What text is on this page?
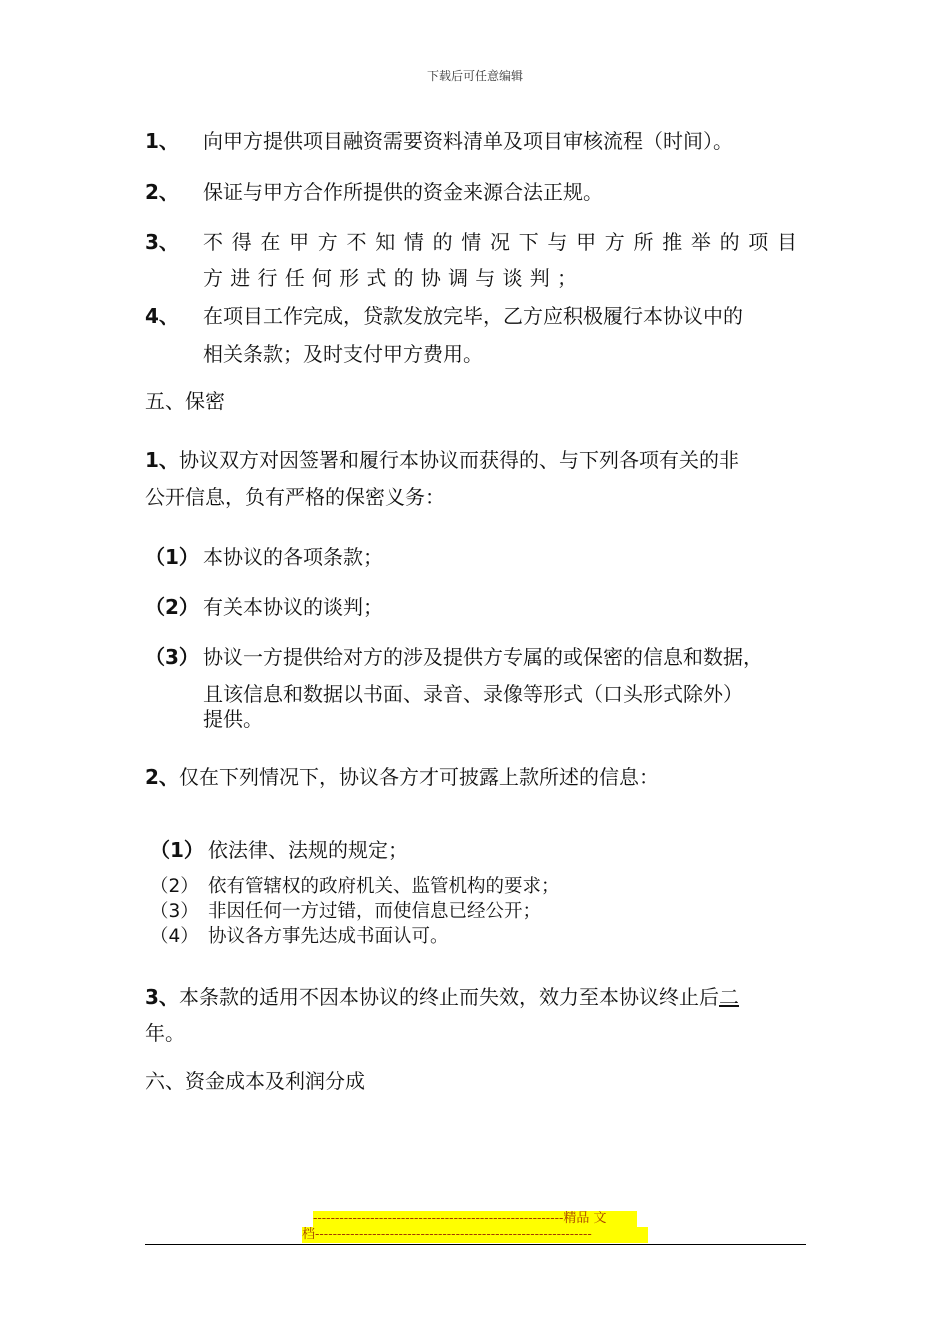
下载后可任意编辑
1、 向甲方提供项目融资需要资料清单及项目审核流程（时间）。
2、 保证与甲方合作所提供的资金来源合法正规。
3、 不得在甲方不知情的情况下与甲方所推举的项目
方进行任何形式的协调与谈判；
4、 在项目工作完成，贷款发放完毕，乙方应积极履行本协议中的
相关条款；及时支付甲方费用。
五、保密
1、 协议双方对因签署和履行本协议而获得的、与下列各项有关的非
公开信息，负有严格的保密义务：
（1） 本协议的各项条款；
（2） 有关本协议的谈判；
（3） 协议一方提供给对方的涉及提供方专属的或保密的信息和数据，
且该信息和数据以书面、录音、录像等形式（口头形式除外）
提供。
2、 仅在下列情况下，协议各方才可披露上款所述的信息：
（1） 依法律、法规的规定；
（2） 依有管辖权的政府机关、监管机构的要求；
（3） 非因任何一方过错，而使信息已经公开；
（4） 协议各方事先达成书面认可。
3、 本条款的适用不因本协议的终止而失效，效力至本协议终止后二
年。
六、资金成本及利润分成
---------------------------------------------------------精品 文
档---------------------------------------------------------------
